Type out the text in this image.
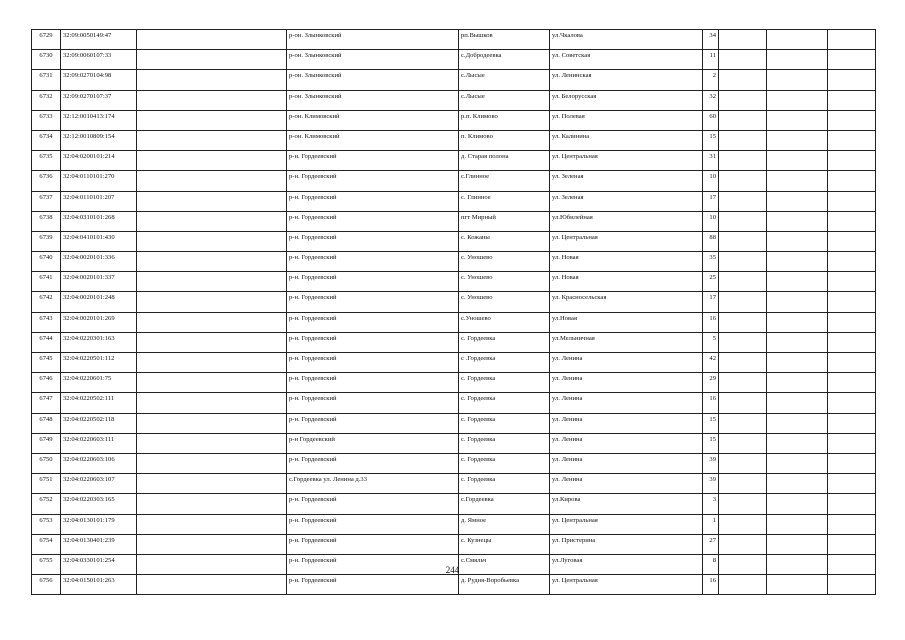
6729	32:09:0050149:47		р-он. Злынковский	рп.Вышков	ул.Чкалова	34			
6730	32:09:0060107:33		р-он. Злынковский	с.Добродеевка	ул. Советская	11			
6731	32:09:0270104:98		р-он. Злынковский	с.Лысые	ул. Ленинская	2			
6732	32:09:0270107:37		р-он. Злынковский	с.Лысые	ул. Белорусская	32			
6733	32:12:0010413:174		р-он. Климовский	р.п. Климово	ул. Полевая	60			
6734	32:12:0010809:154		р-он. Климовский	п. Климово	ул. Калинина	15			
6735	32:04:0200101:214		р-н. Гордеевский	д. Старая полона	ул. Центральная	31			
6736	32:04:0110101:270		р-н. Гордеевский	с.Глинное	ул. Зеленая	10			
6737	32:04:0110101:207		р-н. Гордеевский	с. Глинное	ул. Зеленая	17			
6738	32:04:0310101:268		р-н. Гордеевский	пгт Мирный	ул.Юбилейная	10			
6739	32:04:0410101:430		р-н. Гордеевский	с. Кожаны	ул. Центральная	88			
6740	32:04:0020101:336		р-н. Гордеевский	с. Уношево	ул. Новая	35			
6741	32:04:0020101:337		р-н. Гордеевский	с. Уношево	ул. Новая	25			
6742	32:04:0020101:248		р-н. Гордеевский	с. Уношево	ул. Красносельская	17			
6743	32:04:0020101:269		р-н. Гордеевский	с.Уношево	ул.Новая	16			
6744	32:04:0220301:163		р-н. Гордеевский	с. Гордеевка	ул.Мельничная	5			
6745	32:04:0220501:112		р-н. Гордеевский	с .Гордеевка	ул. Ленина	42			
6746	32:04:0220601:75		р-н. Гордеевский	с. Гордеевка	ул. Ленина	29			
6747	32:04:0220502:111		р-н. Гордеевский	с. Гордеевка	ул. Ленина	16			
6748	32:04:0220502:118		р-н. Гордеевский	с. Гордеевка	ул. Ленина	15			
6749	32:04:0220603:111		р-н Гордеевский	с. Гордеевка	ул. Ленина	15			
6750	32:04:0220603:106		р-н. Гордеевский	с. Гордеевка	ул. Ленина	39			
6751	32:04:0220603:107		с.Гордеевка ул. Ленина д.33	с. Гордеевка	ул. Ленина	39			
6752	32:04:0220303:165		р-н. Гордеевский	с.Гордеевка	ул.Кирова	3			
6753	32:04:0130101:179		р-н. Гордеевский	д. Ямное	ул. Центральная	1			
6754	32:04:0130401:239		р-н. Гордеевский	с. Кузнецы	ул. Пристерина	27			
6755	32:04:0330101:254		р-н. Гордеевский	с.Смяльч	ул.Луговая	8			
6756	32:04:0150101:263		р-н. Гордеевский	д. Рудня-Воробьевка	ул. Центральная	16			
244
